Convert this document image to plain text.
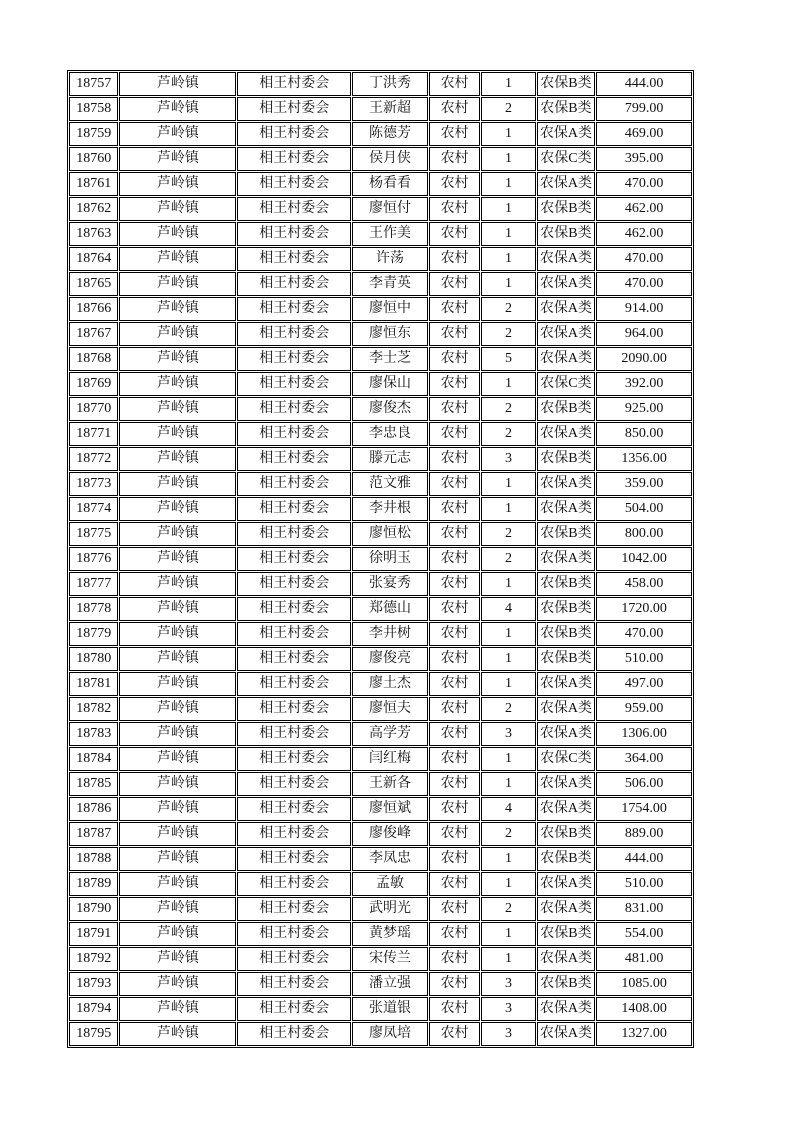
18757	芦岭镇	相王村委会	丁洪秀	农村	1	农保B类	444.00
18758	芦岭镇	相王村委会	王新超	农村	2	农保B类	799.00
18759	芦岭镇	相王村委会	陈德芳	农村	1	农保A类	469.00
18760	芦岭镇	相王村委会	侯月侠	农村	1	农保C类	395.00
18761	芦岭镇	相王村委会	杨看看	农村	1	农保A类	470.00
18762	芦岭镇	相王村委会	廖恒付	农村	1	农保B类	462.00
18763	芦岭镇	相王村委会	王作美	农村	1	农保B类	462.00
18764	芦岭镇	相王村委会	许荡	农村	1	农保A类	470.00
18765	芦岭镇	相王村委会	李青英	农村	1	农保A类	470.00
18766	芦岭镇	相王村委会	廖恒中	农村	2	农保A类	914.00
18767	芦岭镇	相王村委会	廖恒东	农村	2	农保A类	964.00
18768	芦岭镇	相王村委会	李士芝	农村	5	农保A类	2090.00
18769	芦岭镇	相王村委会	廖保山	农村	1	农保C类	392.00
18770	芦岭镇	相王村委会	廖俊杰	农村	2	农保B类	925.00
18771	芦岭镇	相王村委会	李忠良	农村	2	农保A类	850.00
18772	芦岭镇	相王村委会	滕元志	农村	3	农保B类	1356.00
18773	芦岭镇	相王村委会	范文雅	农村	1	农保A类	359.00
18774	芦岭镇	相王村委会	李井根	农村	1	农保A类	504.00
18775	芦岭镇	相王村委会	廖恒松	农村	2	农保B类	800.00
18776	芦岭镇	相王村委会	徐明玉	农村	2	农保A类	1042.00
18777	芦岭镇	相王村委会	张宴秀	农村	1	农保B类	458.00
18778	芦岭镇	相王村委会	郑德山	农村	4	农保B类	1720.00
18779	芦岭镇	相王村委会	李井树	农村	1	农保B类	470.00
18780	芦岭镇	相王村委会	廖俊亮	农村	1	农保B类	510.00
18781	芦岭镇	相王村委会	廖土杰	农村	1	农保A类	497.00
18782	芦岭镇	相王村委会	廖恒夫	农村	2	农保A类	959.00
18783	芦岭镇	相王村委会	高学芳	农村	3	农保A类	1306.00
18784	芦岭镇	相王村委会	闫红梅	农村	1	农保C类	364.00
18785	芦岭镇	相王村委会	王新各	农村	1	农保A类	506.00
18786	芦岭镇	相王村委会	廖恒斌	农村	4	农保A类	1754.00
18787	芦岭镇	相王村委会	廖俊峰	农村	2	农保B类	889.00
18788	芦岭镇	相王村委会	李凤忠	农村	1	农保B类	444.00
18789	芦岭镇	相王村委会	孟敏	农村	1	农保A类	510.00
18790	芦岭镇	相王村委会	武明光	农村	2	农保A类	831.00
18791	芦岭镇	相王村委会	黄梦瑶	农村	1	农保B类	554.00
18792	芦岭镇	相王村委会	宋传兰	农村	1	农保A类	481.00
18793	芦岭镇	相王村委会	潘立强	农村	3	农保B类	1085.00
18794	芦岭镇	相王村委会	张道银	农村	3	农保A类	1408.00
18795	芦岭镇	相王村委会	廖凤培	农村	3	农保A类	1327.00
